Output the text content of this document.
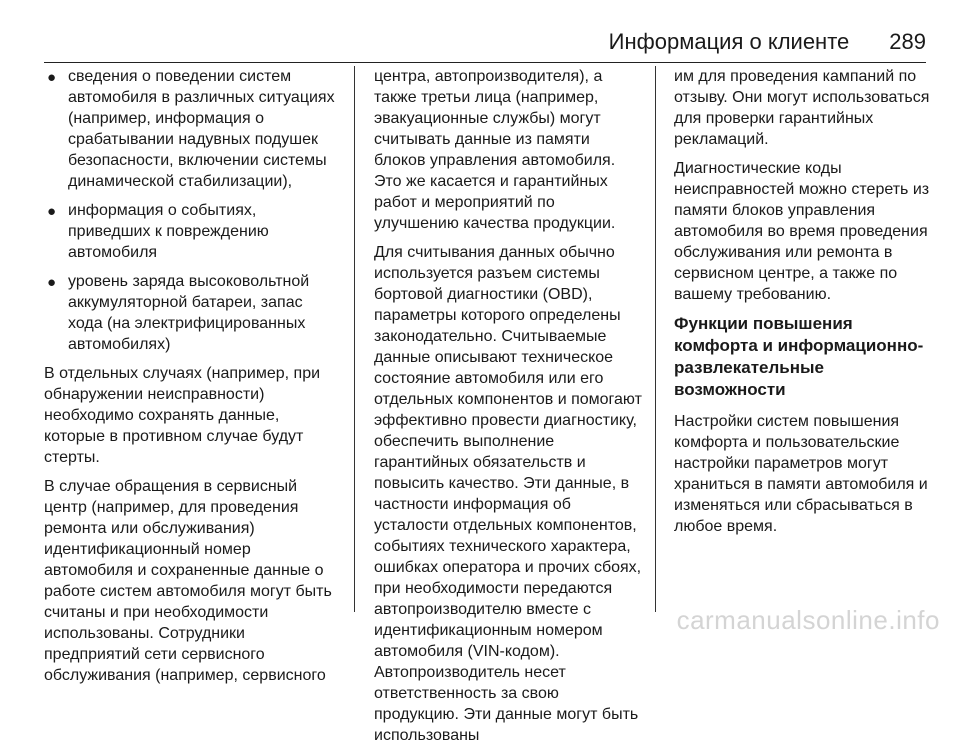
Информация о клиенте 289
● сведения о поведении систем автомобиля в различных ситуациях (например, информация о срабатывании надувных подушек безопасности, включении системы динамической стабилизации),
● информация о событиях, приведших к повреждению автомобиля
● уровень заряда высоковольтной аккумуляторной батареи, запас хода (на электрифицированных автомобилях)

В отдельных случаях (например, при обнаружении неисправности) необходимо сохранять данные, которые в противном случае будут стерты.

В случае обращения в сервисный центр (например, для проведения ремонта или обслуживания) идентификационный номер автомобиля и сохраненные данные о работе систем автомобиля могут быть считаны и при необходимости использованы. Сотрудники предприятий сети сервисного обслуживания (например, сервисного

центра, автопроизводителя), а также третьи лица (например, эвакуационные службы) могут считывать данные из памяти блоков управления автомобиля. Это же касается и гарантийных работ и мероприятий по улучшению качества продукции.

Для считывания данных обычно используется разъем системы бортовой диагностики (OBD), параметры которого определены законодательно. Считываемые данные описывают техническое состояние автомобиля или его отдельных компонентов и помогают эффективно провести диагностику, обеспечить выполнение гарантийных обязательств и повысить качество. Эти данные, в частности информация об усталости отдельных компонентов, событиях технического характера, ошибках оператора и прочих сбоях, при необходимости передаются автопроизводителю вместе с идентификационным номером автомобиля (VIN-кодом). Автопроизводитель несет ответственность за свою продукцию. Эти данные могут быть использованы

им для проведения кампаний по отзыву. Они могут использоваться для проверки гарантийных рекламаций.

Диагностические коды неисправностей можно стереть из памяти блоков управления автомобиля во время проведения обслуживания или ремонта в сервисном центре, а также по вашему требованию.

Функции повышения комфорта и информационно-развлекательные возможности

Настройки систем повышения комфорта и пользовательские настройки параметров могут храниться в памяти автомобиля и изменяться или сбрасываться в любое время.

carmanualsonline.info
